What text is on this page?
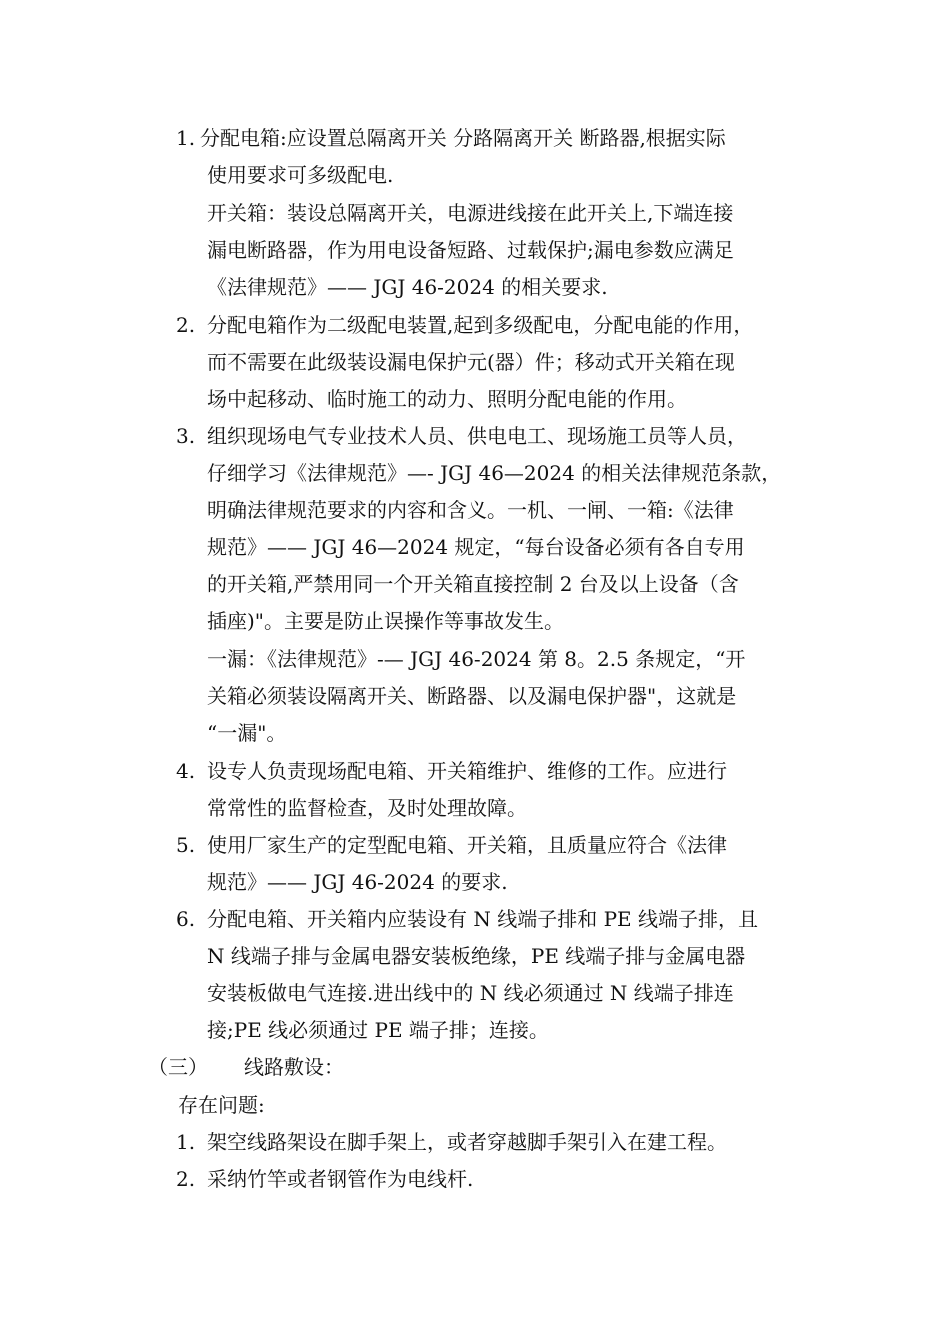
1. 分配电箱:应设置总隔离开关 分路隔离开关 断路器,根据实际
使用要求可多级配电.
开关箱：装设总隔离开关，电源进线接在此开关上,下端连接
漏电断路器，作为用电设备短路、过载保护;漏电参数应满足
《法律规范》—— JGJ 46-2024 的相关要求.
2. 分配电箱作为二级配电装置,起到多级配电，分配电能的作用，
而不需要在此级装设漏电保护元(器）件；移动式开关箱在现
场中起移动、临时施工的动力、照明分配电能的作用。
3. 组织现场电气专业技术人员、供电电工、现场施工员等人员，
仔细学习《法律规范》—- JGJ 46—2024 的相关法律规范条款，
明确法律规范要求的内容和含义。一机、一闸、一箱:《法律
规范》—— JGJ 46—2024 规定，“每台设备必须有各自专用
的开关箱,严禁用同一个开关箱直接控制 2 台及以上设备（含
插座)"。主要是防止误操作等事故发生。
一漏：《法律规范》-— JGJ 46-2024 第 8。2.5 条规定，“开
关箱必须装设隔离开关、断路器、以及漏电保护器"，这就是
“一漏"。
4. 设专人负责现场配电箱、开关箱维护、维修的工作。应进行
常常性的监督检查，及时处理故障。
5. 使用厂家生产的定型配电箱、开关箱，且质量应符合《法律
规范》—— JGJ 46-2024 的要求.
6. 分配电箱、开关箱内应装设有 N 线端子排和 PE 线端子排，且
N 线端子排与金属电器安装板绝缘，PE 线端子排与金属电器
安装板做电气连接.进出线中的 N 线必须通过 N 线端子排连
接;PE 线必须通过 PE 端子排；连接。
（三） 线路敷设：
存在问题:
1. 架空线路架设在脚手架上，或者穿越脚手架引入在建工程。
2. 采纳竹竿或者钢管作为电线杆.
